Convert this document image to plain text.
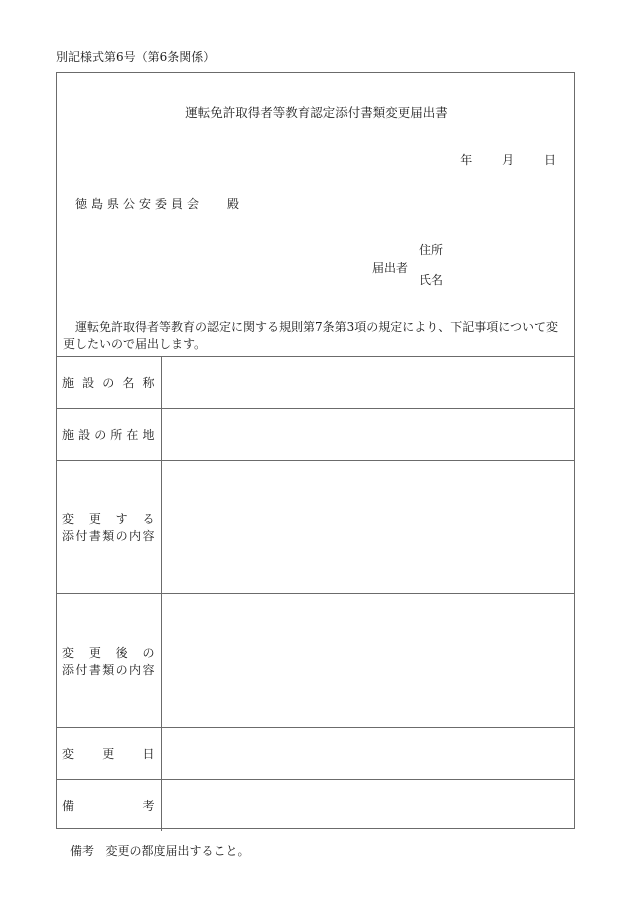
別記様式第6号（第6条関係）
運転免許取得者等教育認定添付書類変更届出書
年 月 日
徳島県公安委員会 殿
届出者
住所
氏名
運転免許取得者等教育の認定に関する規則第7条第3項の規定により、下記事項について変更したいので届出します。
施 設 の 名 称	

施 設 の 所 在 地

変 更 す る
添 付 書 類 の 内 容

変 更 後 の
添 付 書 類 の 内 容

変 更 日	

備 考	

備考 変更の都度届出すること。
